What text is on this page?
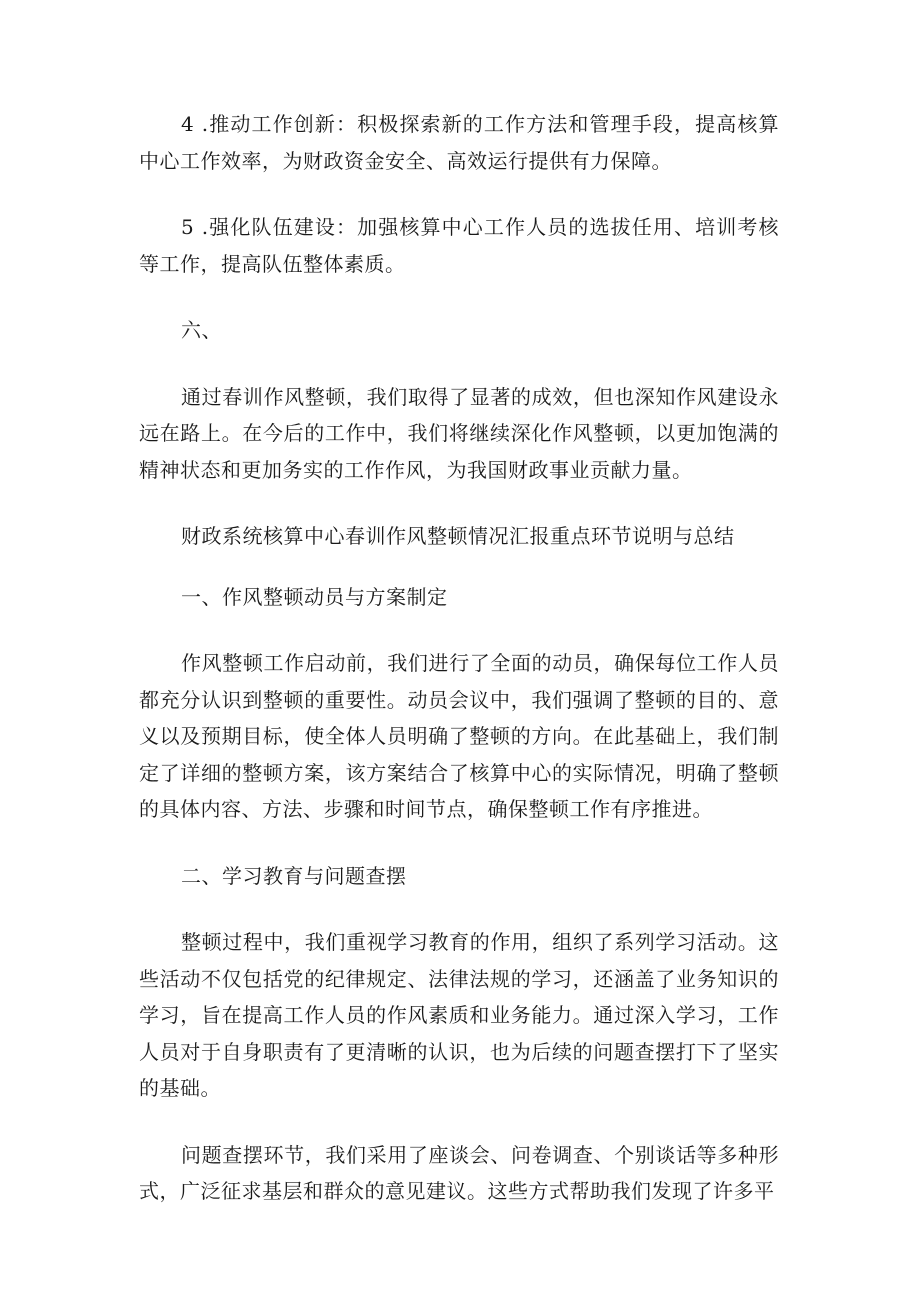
4 .推动工作创新：积极探索新的工作方法和管理手段，提高核算中心工作效率，为财政资金安全、高效运行提供有力保障。

5 .强化队伍建设：加强核算中心工作人员的选拔任用、培训考核等工作，提高队伍整体素质。

六、

通过春训作风整顿，我们取得了显著的成效，但也深知作风建设永远在路上。在今后的工作中，我们将继续深化作风整顿，以更加饱满的精神状态和更加务实的工作作风，为我国财政事业贡献力量。

财政系统核算中心春训作风整顿情况汇报重点环节说明与总结

一、作风整顿动员与方案制定

作风整顿工作启动前，我们进行了全面的动员，确保每位工作人员都充分认识到整顿的重要性。动员会议中，我们强调了整顿的目的、意义以及预期目标，使全体人员明确了整顿的方向。在此基础上，我们制定了详细的整顿方案，该方案结合了核算中心的实际情况，明确了整顿的具体内容、方法、步骤和时间节点，确保整顿工作有序推进。

二、学习教育与问题查摆

整顿过程中，我们重视学习教育的作用，组织了系列学习活动。这些活动不仅包括党的纪律规定、法律法规的学习，还涵盖了业务知识的学习，旨在提高工作人员的作风素质和业务能力。通过深入学习，工作人员对于自身职责有了更清晰的认识，也为后续的问题查摆打下了坚实的基础。

问题查摆环节，我们采用了座谈会、问卷调查、个别谈话等多种形式，广泛征求基层和群众的意见建议。这些方式帮助我们发现了许多平
